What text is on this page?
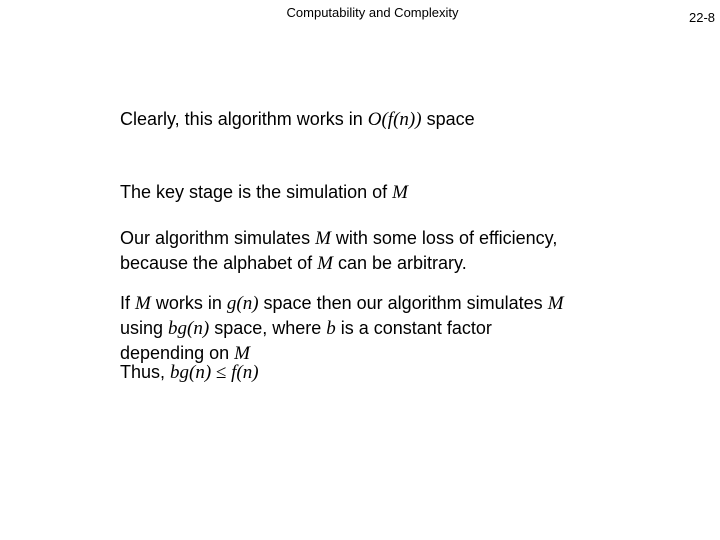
Computability and Complexity	22-8
Clearly, this algorithm works in O(f(n)) space
The key stage is the simulation of M
Our algorithm simulates M with some loss of efficiency,
because the alphabet of M can be arbitrary.
If M works in g(n) space then our algorithm simulates M
using bg(n) space, where b is a constant factor
depending on M
Thus, bg(n) ≤ f(n)
